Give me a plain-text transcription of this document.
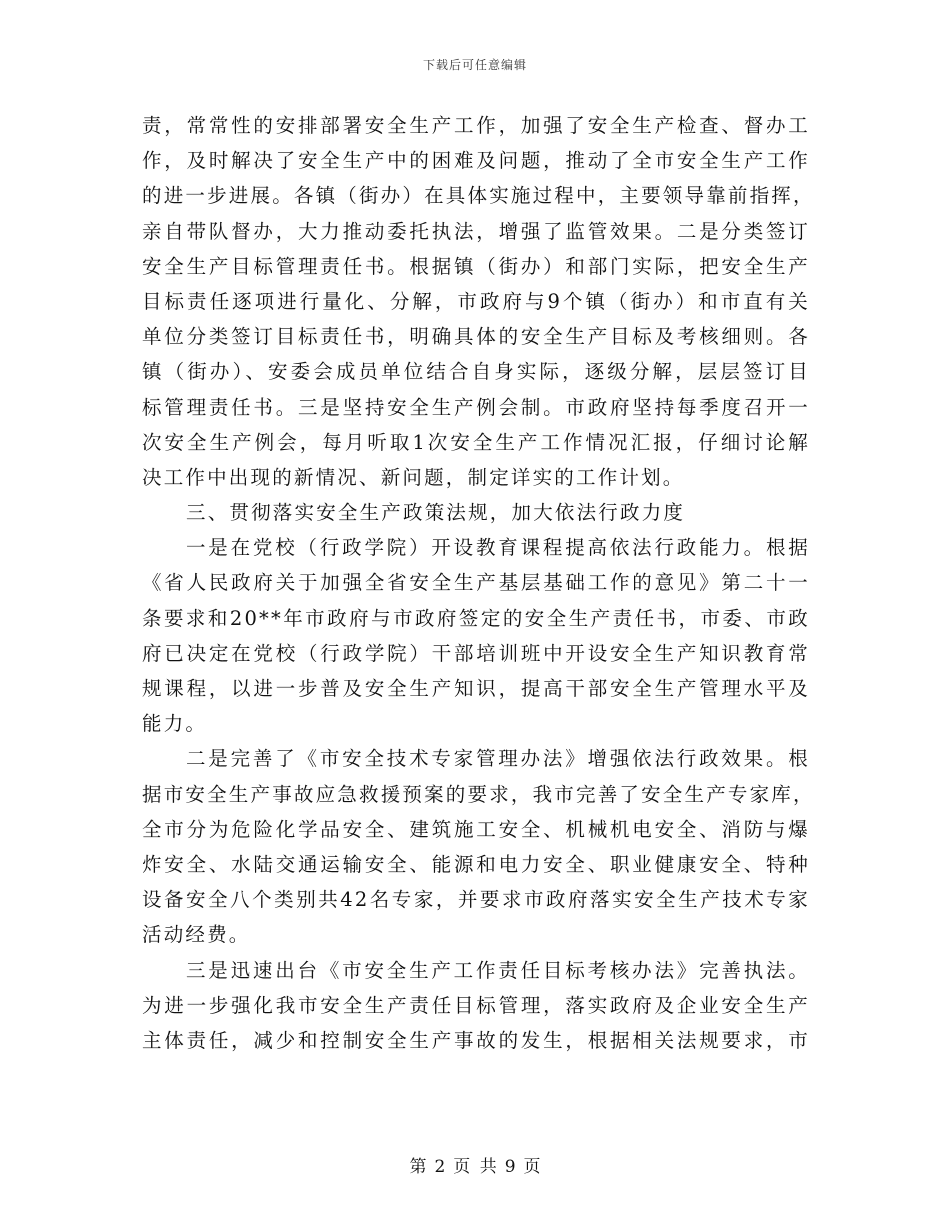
下载后可任意编辑
责，常常性的安排部署安全生产工作，加强了安全生产检查、督办工
作，及时解决了安全生产中的困难及问题，推动了全市安全生产工作
的进一步进展。各镇（街办）在具体实施过程中，主要领导靠前指挥，
亲自带队督办，大力推动委托执法，增强了监管效果。二是分类签订
安全生产目标管理责任书。根据镇（街办）和部门实际，把安全生产
目标责任逐项进行量化、分解，市政府与9个镇（街办）和市直有关
单位分类签订目标责任书，明确具体的安全生产目标及考核细则。各
镇（街办）、安委会成员单位结合自身实际，逐级分解，层层签订目
标管理责任书。三是坚持安全生产例会制。市政府坚持每季度召开一
次安全生产例会，每月听取1次安全生产工作情况汇报，仔细讨论解
决工作中出现的新情况、新问题，制定详实的工作计划。
三、贯彻落实安全生产政策法规，加大依法行政力度
一是在党校（行政学院）开设教育课程提高依法行政能力。根据
《省人民政府关于加强全省安全生产基层基础工作的意见》第二十一
条要求和20**年市政府与市政府签定的安全生产责任书，市委、市政
府已决定在党校（行政学院）干部培训班中开设安全生产知识教育常
规课程，以进一步普及安全生产知识，提高干部安全生产管理水平及
能力。
二是完善了《市安全技术专家管理办法》增强依法行政效果。根
据市安全生产事故应急救援预案的要求，我市完善了安全生产专家库，
全市分为危险化学品安全、建筑施工安全、机械机电安全、消防与爆
炸安全、水陆交通运输安全、能源和电力安全、职业健康安全、特种
设备安全八个类别共42名专家，并要求市政府落实安全生产技术专家
活动经费。
三是迅速出台《市安全生产工作责任目标考核办法》完善执法。
为进一步强化我市安全生产责任目标管理，落实政府及企业安全生产
主体责任，减少和控制安全生产事故的发生，根据相关法规要求，市
第 2 页 共 9 页
